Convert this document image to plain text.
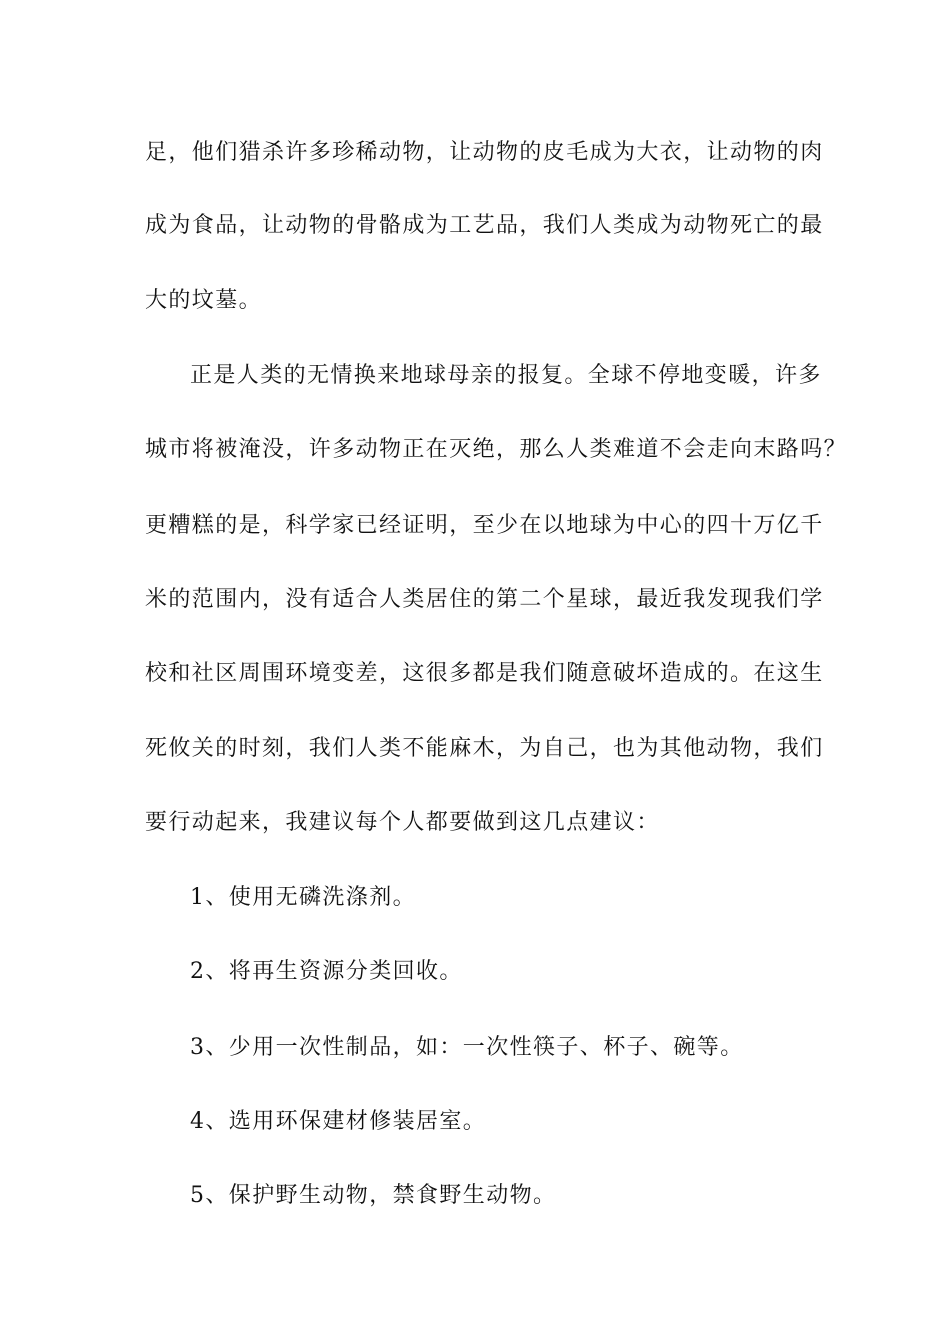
足，他们猎杀许多珍稀动物，让动物的皮毛成为大衣，让动物的肉
成为食品，让动物的骨骼成为工艺品，我们人类成为动物死亡的最
大的坟墓。
正是人类的无情换来地球母亲的报复。全球不停地变暖，许多
城市将被淹没，许多动物正在灭绝，那么人类难道不会走向末路吗？
更糟糕的是，科学家已经证明，至少在以地球为中心的四十万亿千
米的范围内，没有适合人类居住的第二个星球，最近我发现我们学
校和社区周围环境变差，这很多都是我们随意破坏造成的。在这生
死攸关的时刻，我们人类不能麻木，为自己，也为其他动物，我们
要行动起来，我建议每个人都要做到这几点建议：
1、使用无磷洗涤剂。
2、将再生资源分类回收。
3、少用一次性制品，如：一次性筷子、杯子、碗等。
4、选用环保建材修装居室。
5、保护野生动物，禁食野生动物。
